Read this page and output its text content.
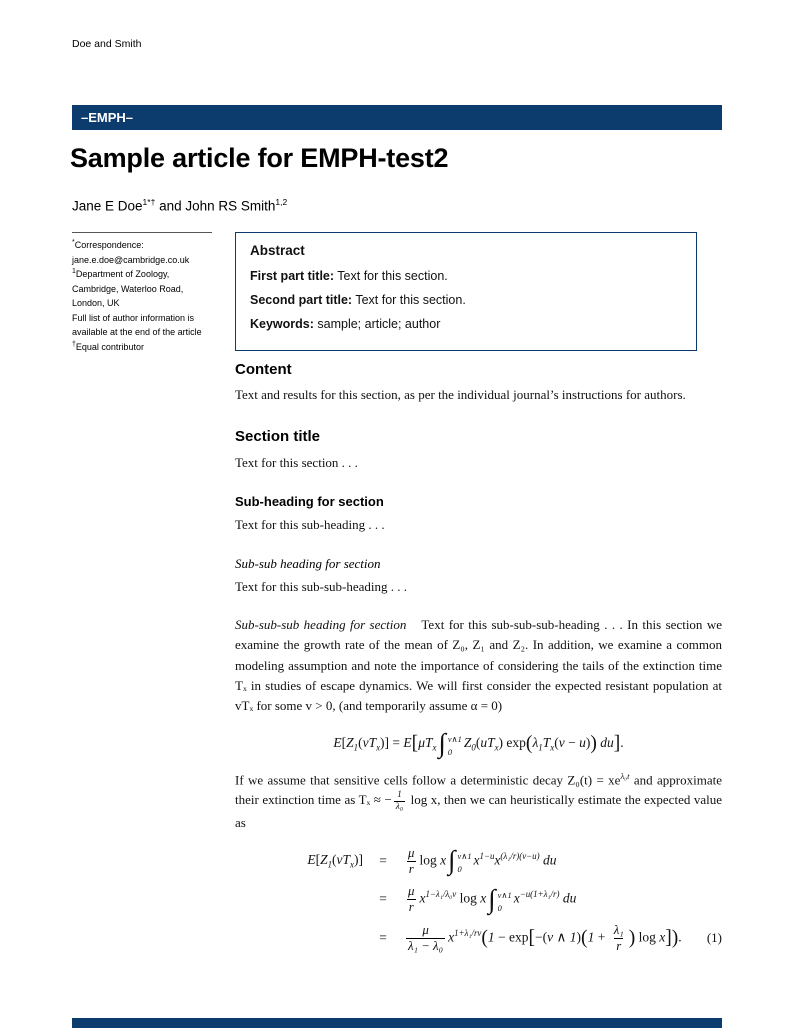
Doe and Smith
–EMPH–
Sample article for EMPH-test2
Jane E Doe$^{1*\dagger}$ and John RS Smith$^{1,2}$
*Correspondence:
jane.e.doe@cambridge.co.uk
$^1$Department of Zoology,
Cambridge, Waterloo Road,
London, UK
Full list of author information is
available at the end of the article
†Equal contributor
Abstract

First part title: Text for this section.

Second part title: Text for this section.

Keywords: sample; article; author

Content

Text and results for this section, as per the individual journal’s instructions for authors.

Section title

Text for this section . . .

Sub-heading for section

Text for this sub-heading . . .

Sub-sub heading for section

Text for this sub-sub-heading . . .

Sub-sub-sub heading for section Text for this sub-sub-sub-heading . . . In this section we examine the growth rate of the mean of Z₀, Z₁ and Z₂. In addition, we examine a common modeling assumption and note the importance of considering the tails of the extinction time Tₓ in studies of escape dynamics. We will first consider the expected resistant population at vTₓ for some v > 0, (and temporarily assume α = 0)

$E[Z_1(vT_x)] = E[\mu T_x$ ∫ v∧1
0
$Z_0(uT_x) \exp(\lambda_1T_x(v - u))$ du].

If we assume that sensitive cells follow a deterministic decay $Z_0(t) = xe^{\lambda_0t}$ and approximate their extinction time as Tₓ ≈ − $\frac{1}{\text{λ₀}}$ log x, then we can heuristically estimate the expected value as

$E[Z_1(vT_x)]$	=	$\frac{\mu}{r}$ log x ∫ v∧1
0
$x^{1-u}x^{(\lambda_1/r)(v-u)}$ du
=	$\frac{\mu}{r} x^{1-\lambda_1/\lambda_0v}$ log x ∫ v∧1
0
$x^{-u(1+\lambda_1/r)}$ du
=	$\frac{\mu}{\text{λ₁ − λ₀}} x^{1+\lambda_1/rv}(1 - \exp[-(v$ ∧ $1)(1 + \frac{\text{λ₁}}{r}$ ) log x]). (1)
